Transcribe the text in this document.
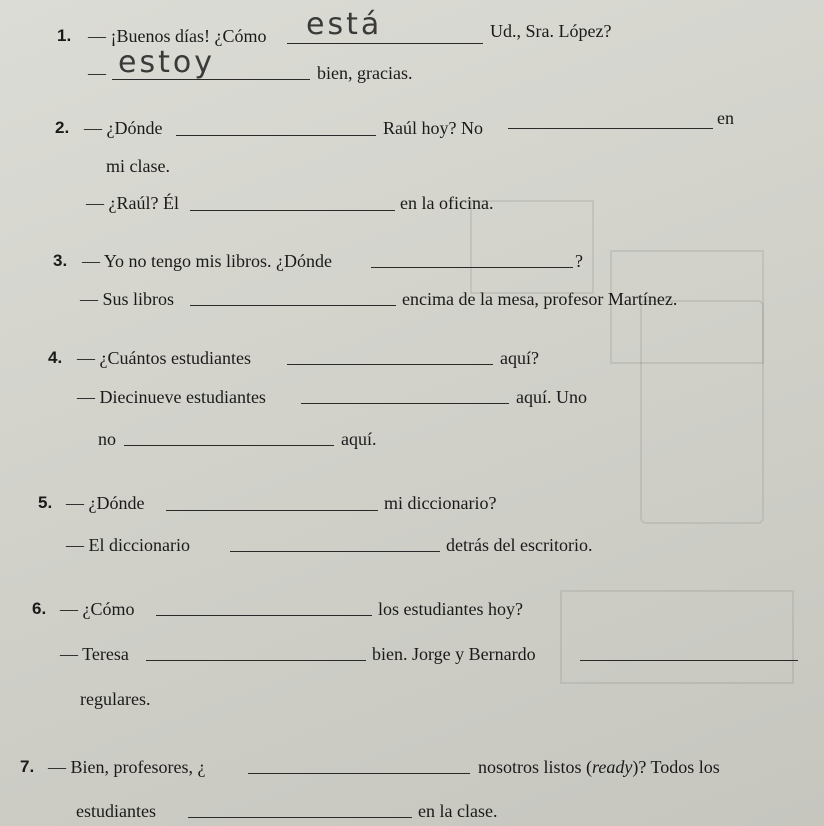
1. — ¡Buenos días! ¿Cómo está	Ud., Sra. López?
— estoy	bien, gracias.
2. — ¿Dónde	Raúl hoy? No	en
mi clase.
— ¿Raúl? Él	en la oficina.
3. — Yo no tengo mis libros. ¿Dónde	?
— Sus libros	encima de la mesa, profesor Martínez.
4. — ¿Cuántos estudiantes	aquí?
— Diecinueve estudiantes	aquí. Uno
no	aquí.
5. — ¿Dónde	mi diccionario?
— El diccionario	detrás del escritorio.
6. — ¿Cómo	los estudiantes hoy?
— Teresa	bien. Jorge y Bernardo
regulares.
7. — Bien, profesores, ¿	nosotros listos (ready)? Todos los
estudiantes	en la clase.
